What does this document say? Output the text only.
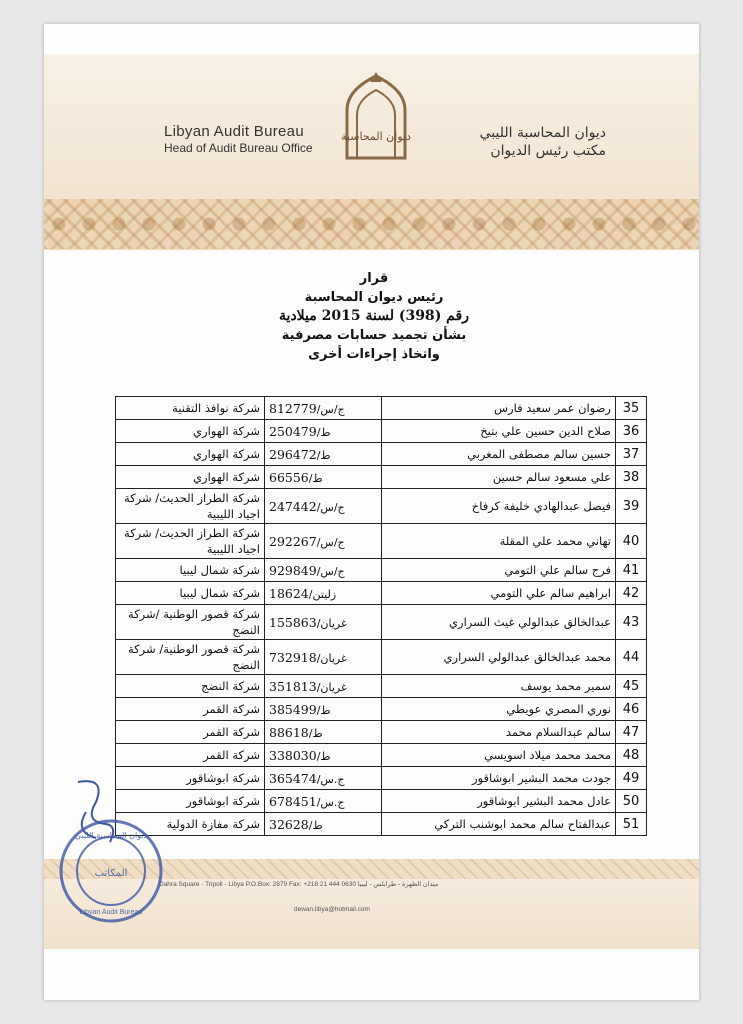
ديوان المحاسبة
Libyan Audit Bureau
Head of Audit Bureau Office
ديوان المحاسبة الليبي
مكتب رئيس الديوان
قرار
رئيس ديوان المحاسبة
رقم (398) لسنة 2015 ميلادية
بشأن تجميد حسابات مصرفية
واتخاذ إجراءات أخرى
35	رضوان عمر سعيد فارس	812779ج/س/	شركة نوافذ التقنية
36	صلاح الدين حسين علي بتيخ	250479ط/	شركة الهواري
37	حسين سالم مصطفى المغربي	296472ط/	شركة الهواري
38	علي مسعود سالم حسين	66556ط/	شركة الهواري
39	فيصل عبدالهادي خليفة كرفاخ	247442ج/س/	شركة الطراز الحديث/ شركة اجياد الليبية
40	تهاني محمد علي المقلة	292267ج/س/	شركة الطراز الحديث/ شركة اجياد الليبية
41	فرج سالم علي التومي	929849ج/س/	شركة شمال ليبيا
42	ابراهيم سالم علي التومي	18624زليتن/	شركة شمال ليبيا
43	عبدالخالق عبدالولي غيث السراري	155863غريان/	شركة قصور الوطنية /شركة النضج
44	محمد عبدالخالق عبدالولي السراري	732918غريان/	شركة قصور الوطنية/ شركة النضج
45	سمير محمد يوسف	351813غريان/	شركة النضج
46	نوري المصري عويطي	385499ط/	شركة القمر
47	سالم عبدالسلام محمد	88618ط/	شركة القمر
48	محمد محمد ميلاد اسويسي	338030ط/	شركة القمر
49	جودت محمد البشير ابوشاقور	365474ج.س/	شركة ابوشاقور
50	عادل محمد البشير ابوشاقور	678451ج.س/	شركة ابوشاقور
51	عبدالفتاح سالم محمد ابوشنب التركي	32628ط/	شركة مفازة الدولية
Dahra Square - Tripoli - Libya P.O.Box: 2879 Fax: +218 21 444 0630 ميدان الظهرة - طرابلس - ليبيا
dewan.libya@hotmail.com
ديوان المحاسبة الليبي
المكاتب
Libyan Audit Bureau
